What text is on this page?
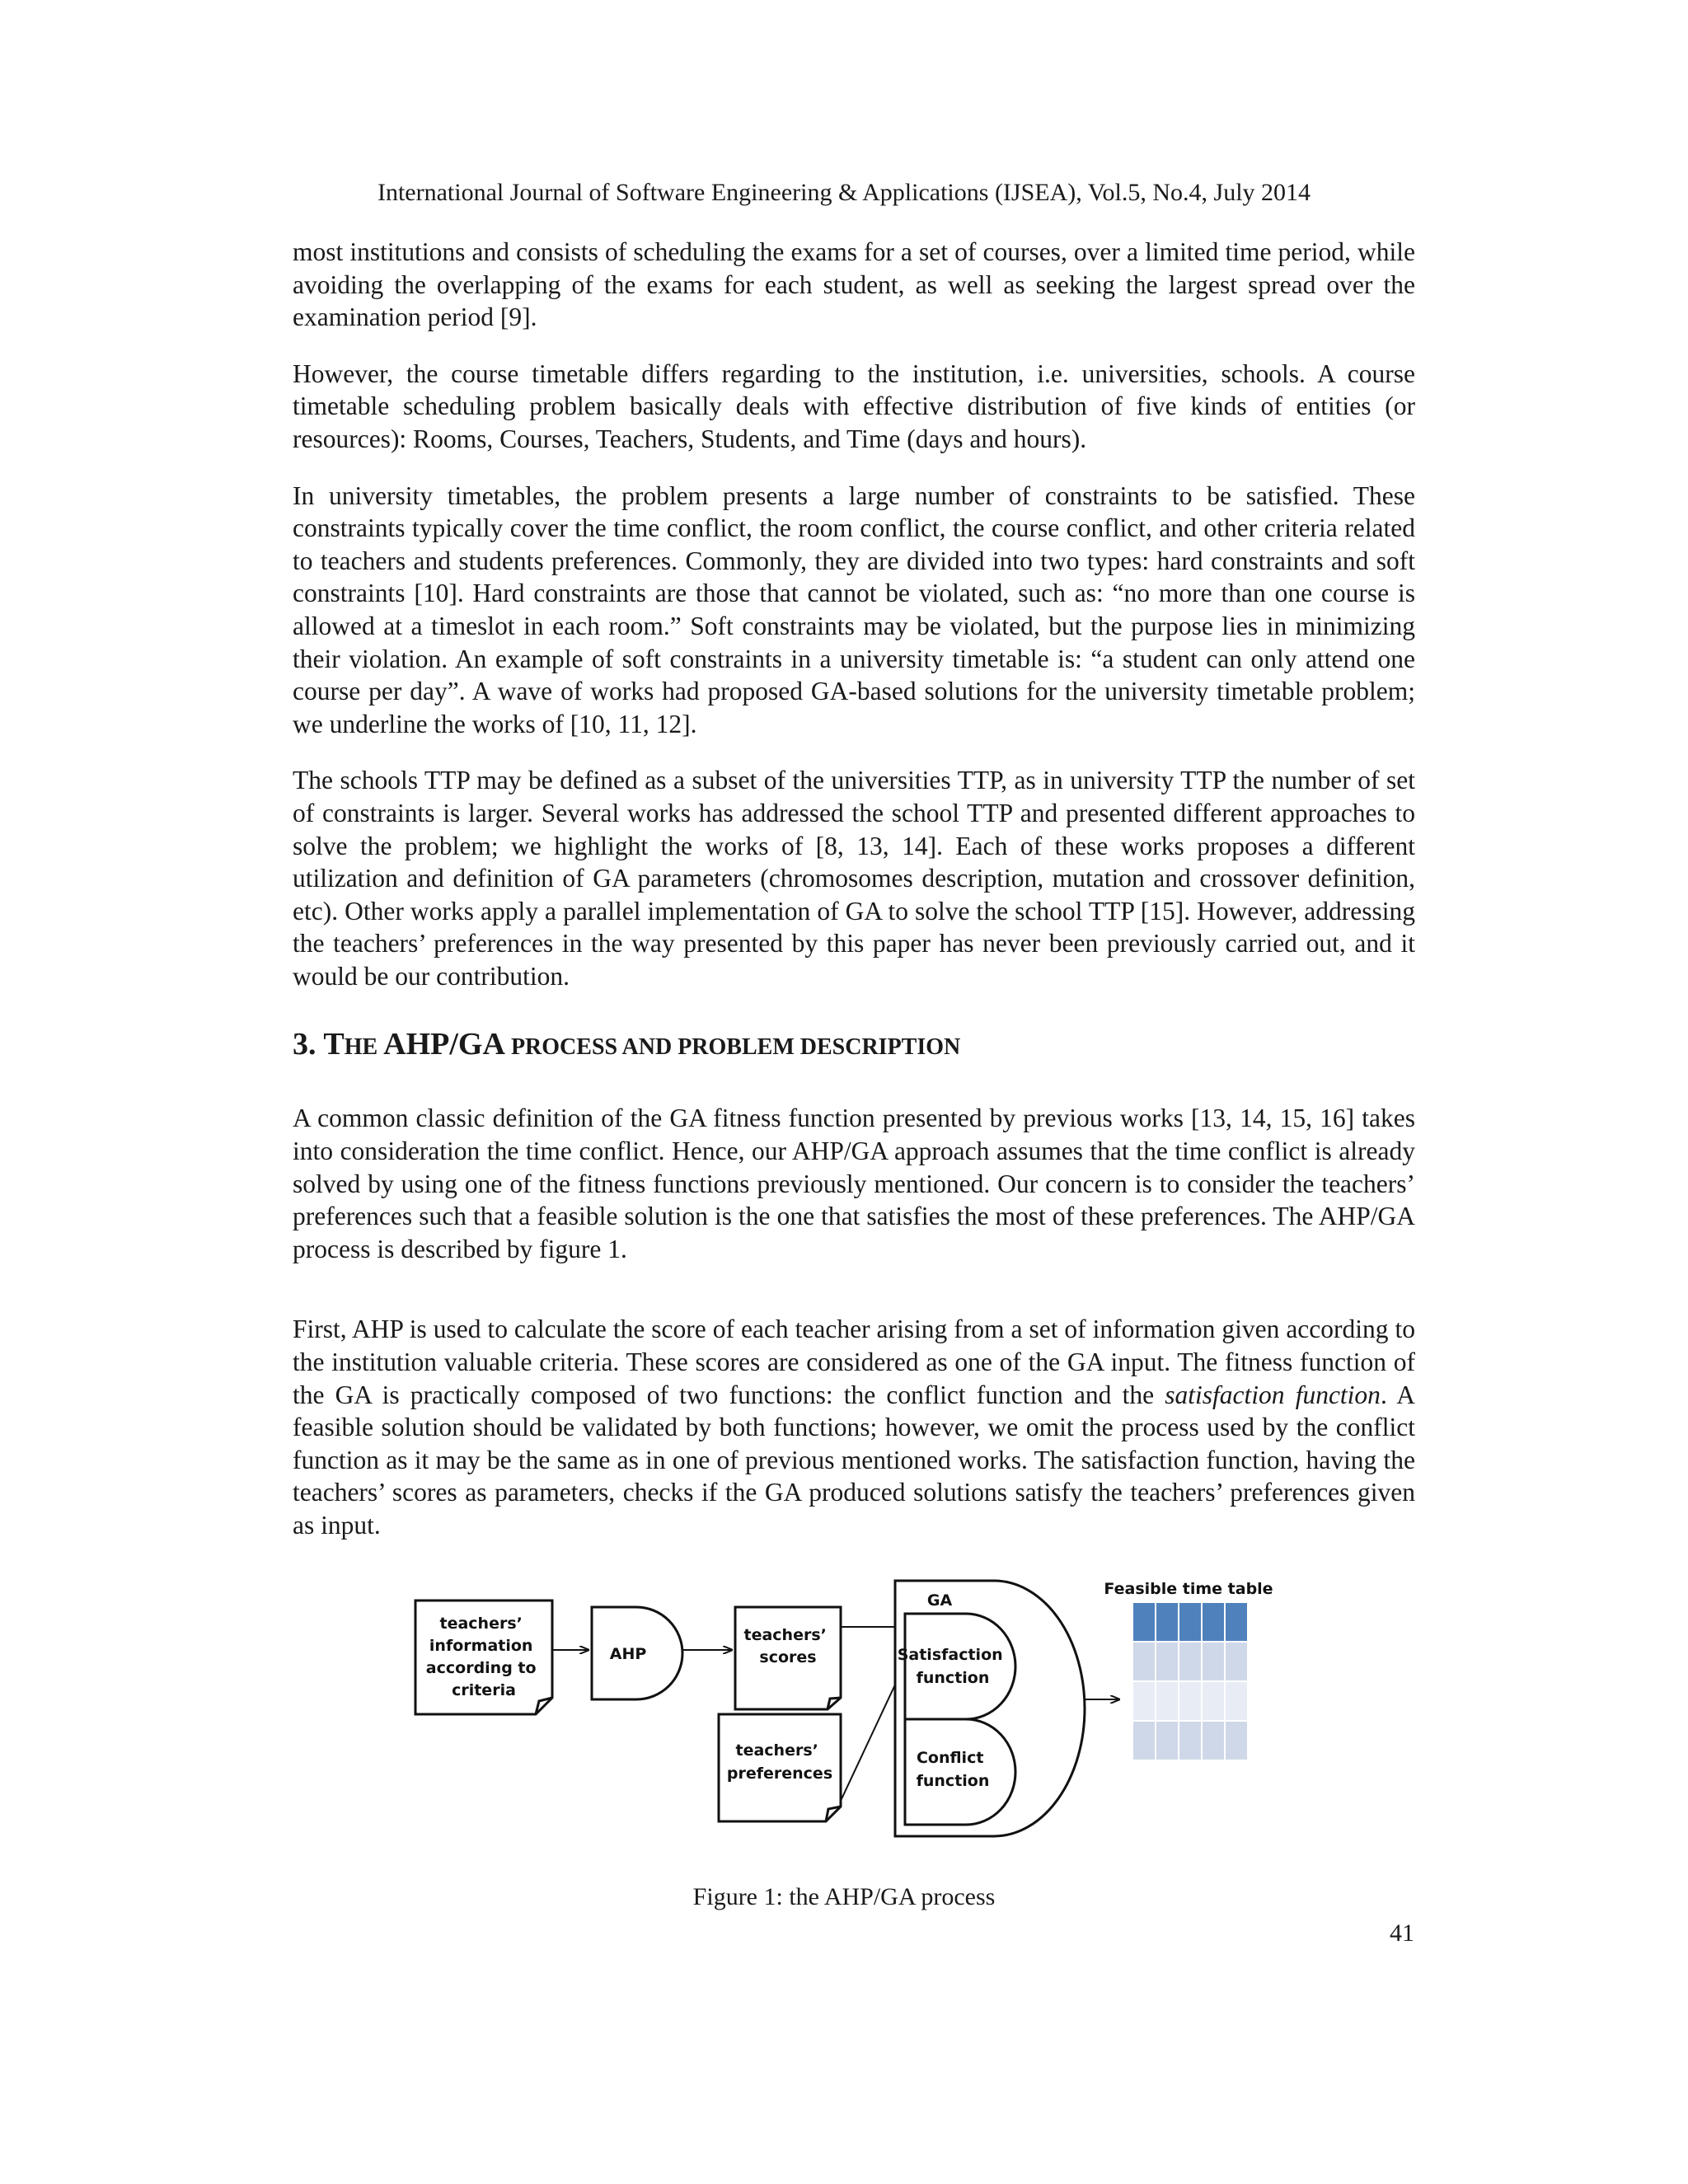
International Journal of Software Engineering & Applications (IJSEA), Vol.5, No.4, July 2014

most institutions and consists of scheduling the exams for a set of courses, over a limited time period, while avoiding the overlapping of the exams for each student, as well as seeking the largest spread over the examination period [9].

However, the course timetable differs regarding to the institution, i.e. universities, schools. A course timetable scheduling problem basically deals with effective distribution of five kinds of entities (or resources): Rooms, Courses, Teachers, Students, and Time (days and hours).

In university timetables, the problem presents a large number of constraints to be satisfied. These constraints typically cover the time conflict, the room conflict, the course conflict, and other criteria related to teachers and students preferences. Commonly, they are divided into two types: hard constraints and soft constraints [10]. Hard constraints are those that cannot be violated, such as: “no more than one course is allowed at a timeslot in each room.” Soft constraints may be violated, but the purpose lies in minimizing their violation. An example of soft constraints in a university timetable is: “a student can only attend one course per day”. A wave of works had proposed GA-based solutions for the university timetable problem; we underline the works of [10, 11, 12].

The schools TTP may be defined as a subset of the universities TTP, as in university TTP the number of set of constraints is larger. Several works has addressed the school TTP and presented different approaches to solve the problem; we highlight the works of [8, 13, 14]. Each of these works proposes a different utilization and definition of GA parameters (chromosomes description, mutation and crossover definition, etc). Other works apply a parallel implementation of GA to solve the school TTP [15]. However, addressing the teachers’ preferences in the way presented by this paper has never been previously carried out, and it would be our contribution.

3. THE AHP/GA PROCESS AND PROBLEM DESCRIPTION

A common classic definition of the GA fitness function presented by previous works [13, 14, 15, 16] takes into consideration the time conflict. Hence, our AHP/GA approach assumes that the time conflict is already solved by using one of the fitness functions previously mentioned. Our concern is to consider the teachers’ preferences such that a feasible solution is the one that satisfies the most of these preferences. The AHP/GA process is described by figure 1.

First, AHP is used to calculate the score of each teacher arising from a set of information given according to the institution valuable criteria. These scores are considered as one of the GA input. The fitness function of the GA is practically composed of two functions: the conflict function and the satisfaction function. A feasible solution should be validated by both functions; however, we omit the process used by the conflict function as it may be the same as in one of previous mentioned works. The satisfaction function, having the teachers’ scores as parameters, checks if the GA produced solutions satisfy the teachers’ preferences given as input.

teachers’ information according to criteria
AHP
teachers’ scores
teachers’ preferences
GA
Satisfaction function
Conflict function
Feasible time table
Figure 1: the AHP/GA process
41
